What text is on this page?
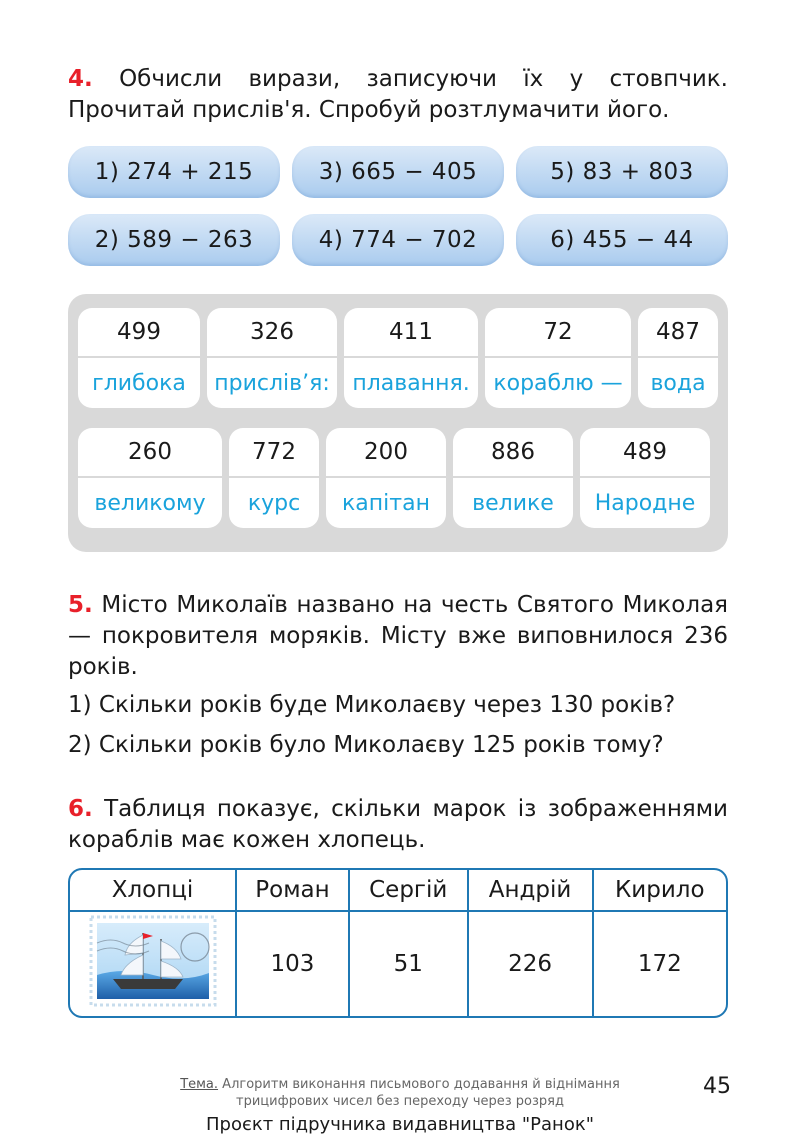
4. Обчисли вирази, записуючи їх у стовпчик. Прочитай прислів'я. Спробуй розтлумачити його.
1) 274 + 215	3) 665 − 405	5) 83 + 803
2) 589 − 263	4) 774 − 702	6) 455 − 44
499
глибока
326
прислів’я:
411
плавання.
72
кораблю —
487
вода
260
великому
772
курс
200
капітан
886
велике
489
Народне
5. Місто Миколаїв названо на честь Святого Миколая — покровителя моряків. Місту вже виповнилося 236 років.
1) Скільки років буде Миколаєву через 130 років?
2) Скільки років було Миколаєву 125 років тому?
6. Таблиця показує, скільки марок із зображеннями кораблів має кожен хлопець.
Хлопці	Роман	Сергій	Андрій	Кирило
	103	51	226	172
Тема. Алгоритм виконання письмового додавання й віднімання трицифрових чисел без переходу через розряд
45
Проєкт підручника видавництва "Ранок"
